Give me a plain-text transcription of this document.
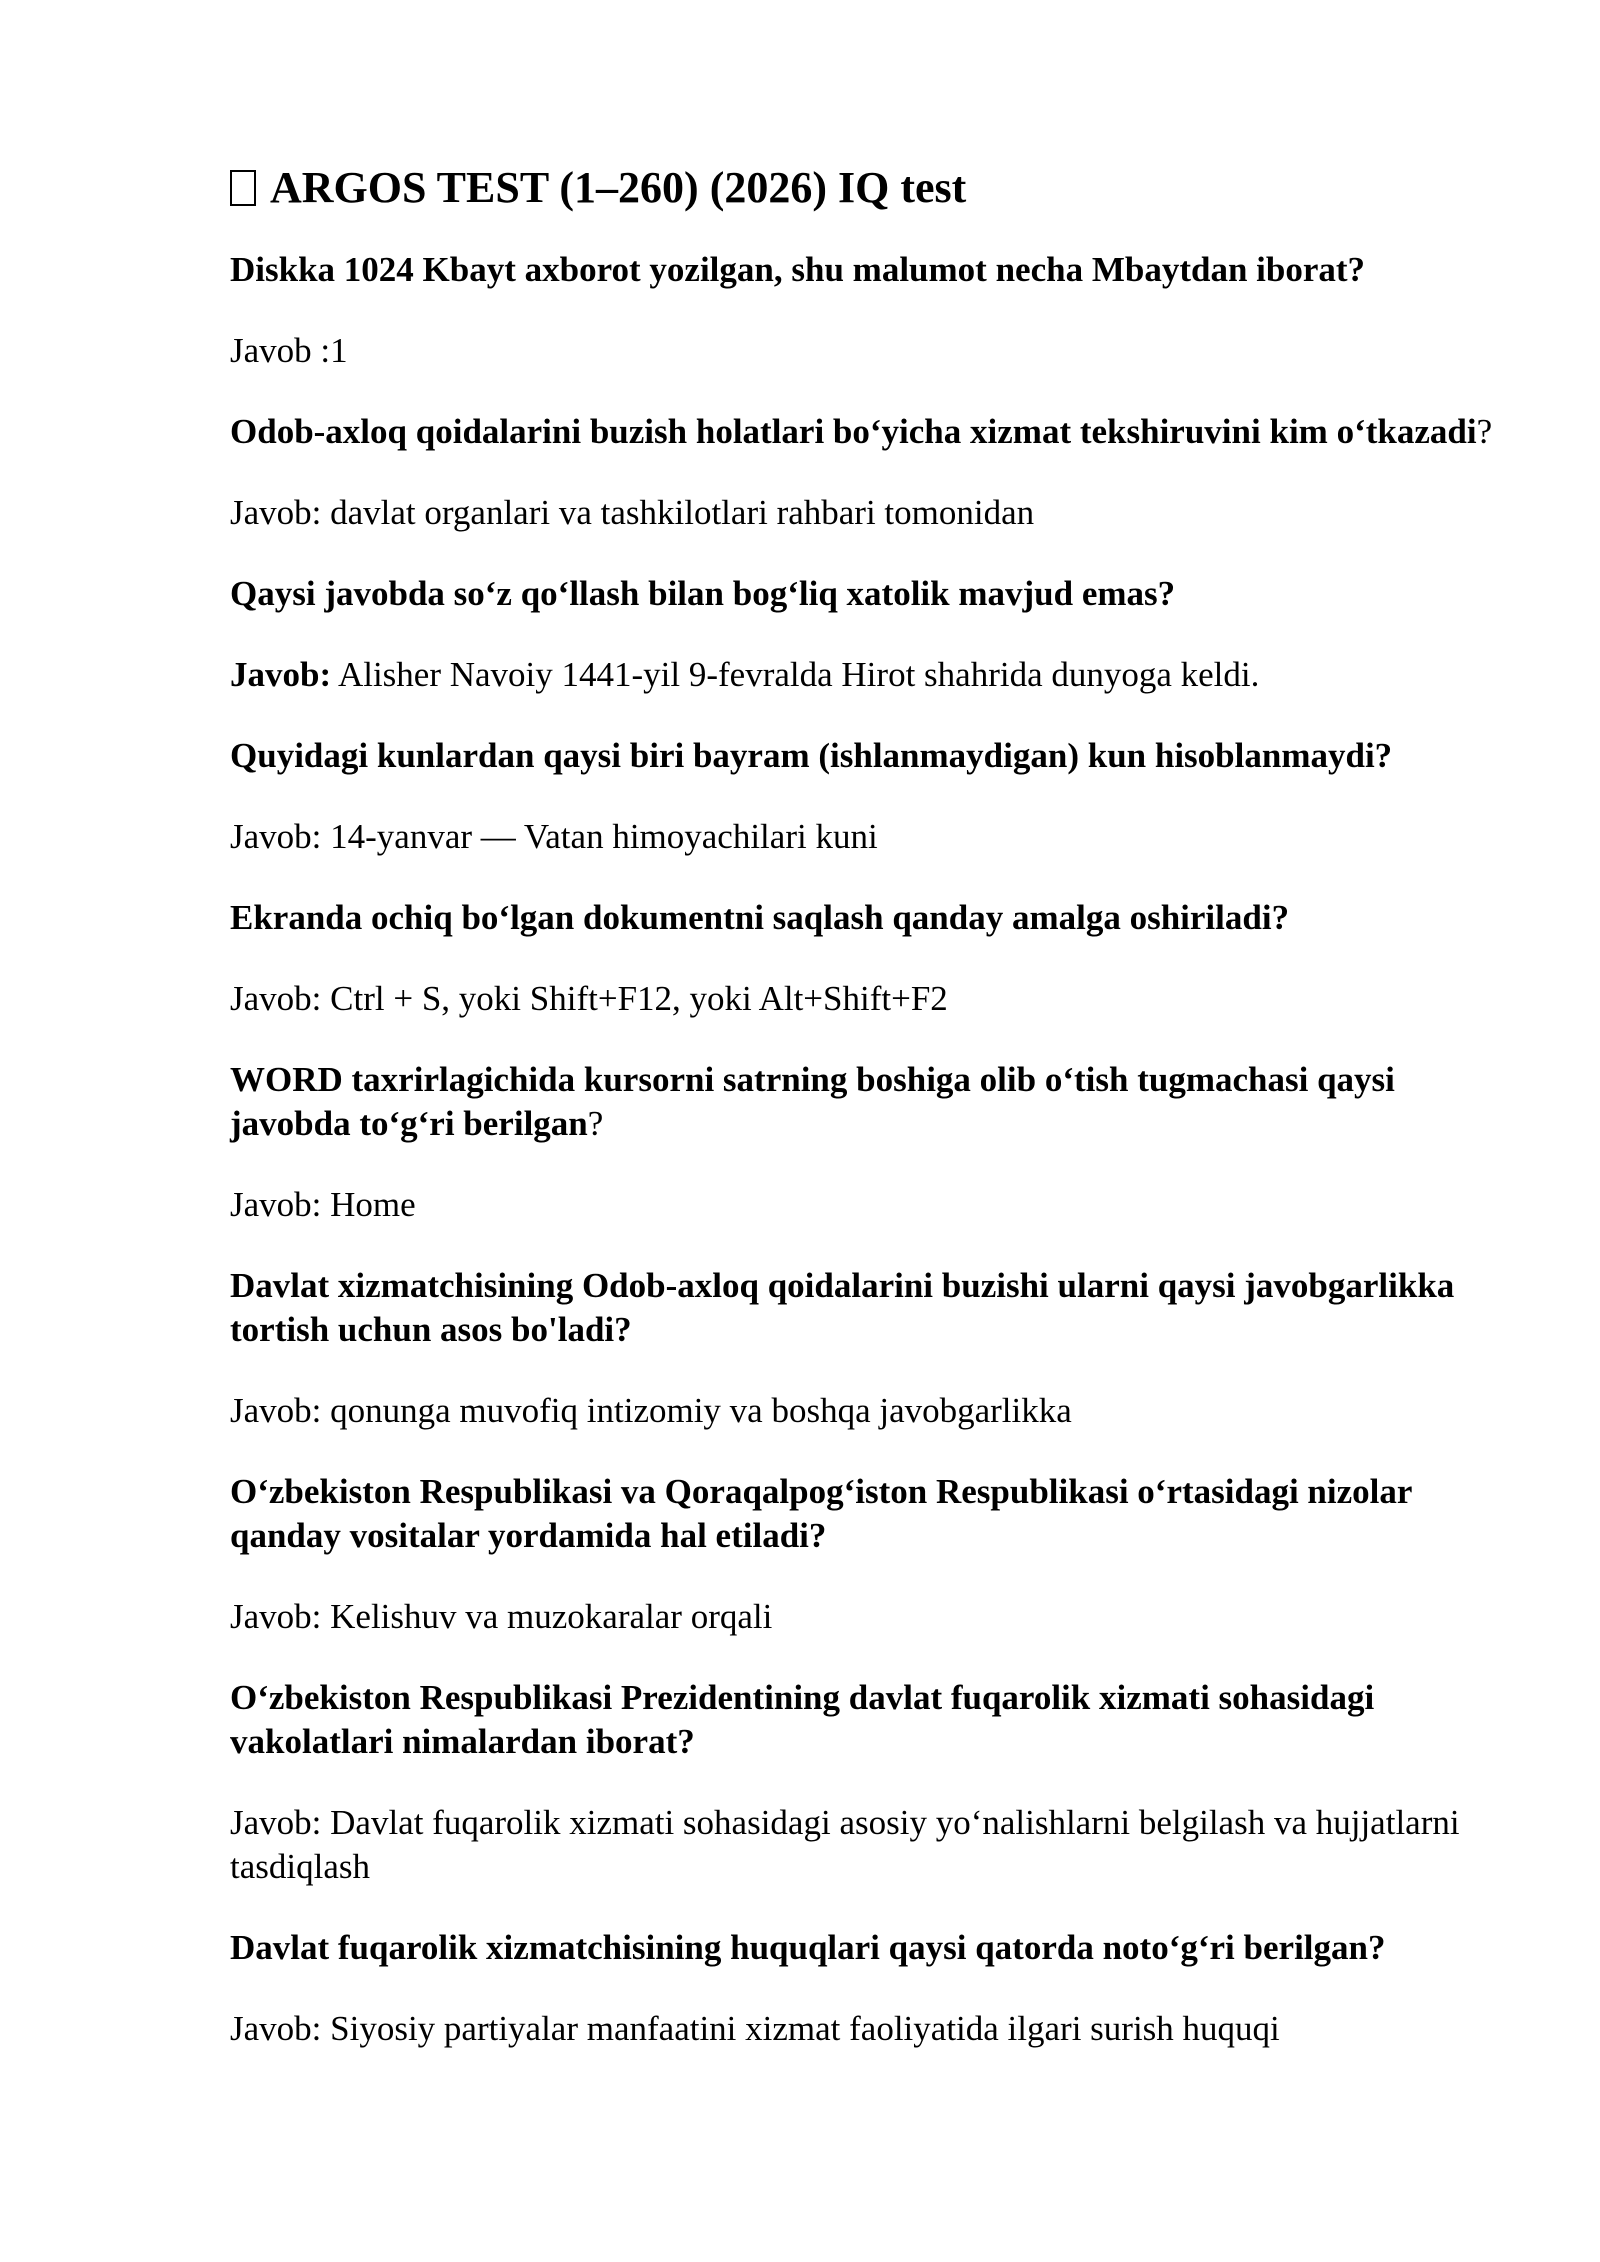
ARGOS TEST (1–260) (2026) IQ test

Diskka 1024 Kbayt axborot yozilgan, shu malumot necha Mbaytdan iborat?

Javob :1

Odob-axloq qoidalarini buzish holatlari bo‘yicha xizmat tekshiruvini kim o‘tkazadi?

Javob: davlat organlari va tashkilotlari rahbari tomonidan

Qaysi javobda so‘z qo‘llash bilan bog‘liq xatolik mavjud emas?

Javob: Alisher Navoiy 1441-yil 9-fevralda Hirot shahrida dunyoga keldi.

Quyidagi kunlardan qaysi biri bayram (ishlanmaydigan) kun hisoblanmaydi?

Javob: 14-yanvar — Vatan himoyachilari kuni

Ekranda ochiq bo‘lgan dokumentni saqlash qanday amalga oshiriladi?

Javob: Ctrl + S, yoki Shift+F12, yoki Alt+Shift+F2

WORD taxrirlagichida kursorni satrning boshiga olib o‘tish tugmachasi qaysi javobda to‘g‘ri berilgan?

Javob: Home

Davlat xizmatchisining Odob-axloq qoidalarini buzishi ularni qaysi javobgarlikka tortish uchun asos bo'ladi?

Javob: qonunga muvofiq intizomiy va boshqa javobgarlikka

O‘zbekiston Respublikasi va Qoraqalpog‘iston Respublikasi o‘rtasidagi nizolar qanday vositalar yordamida hal etiladi?

Javob: Kelishuv va muzokaralar orqali

O‘zbekiston Respublikasi Prezidentining davlat fuqarolik xizmati sohasidagi vakolatlari nimalardan iborat?

Javob: Davlat fuqarolik xizmati sohasidagi asosiy yo‘nalishlarni belgilash va hujjatlarni tasdiqlash

Davlat fuqarolik xizmatchisining huquqlari qaysi qatorda noto‘g‘ri berilgan?

Javob: Siyosiy partiyalar manfaatini xizmat faoliyatida ilgari surish huquqi
